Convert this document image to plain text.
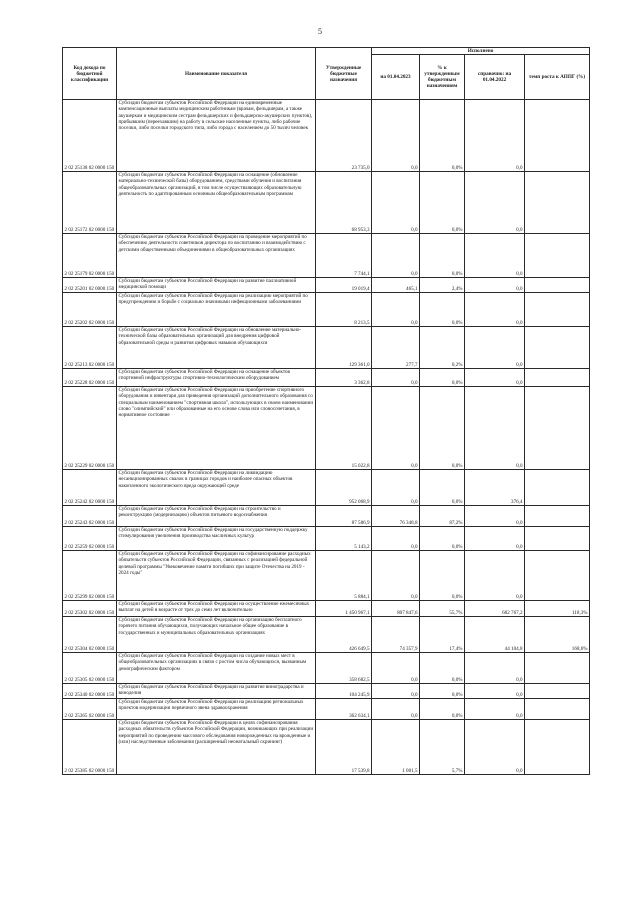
5
Код дохода по бюджетной классификации	Наименование показателя	Утвержденные бюджетные назначения	Исполнено			
			на 01.04.2023	% к утвержденным бюджетным назначениям	справочно: на 01.04.2022	темп роста к АППГ (%)
2 02 25138 02 0000 150	Субсидии бюджетам субъектов Российской Федерации на единовременные компенсационные выплаты медицинским работникам (врачам, фельдшерам, а также акушеркам и медицинским сестрам фельдшерских и фельдшерско-акушерских пунктов), прибывшим (переехавшим) на работу в сельские населенные пункты, либо рабочие поселки, либо поселки городского типа, либо города с населением до 50 тысяч человек	23 735,0	0,0	0,0%	0,0	
2 02 25172 02 0000 150	Субсидии бюджетам субъектов Российской Федерации на оснащение (обновление материально-технической базы) оборудованием, средствами обучения и воспитания общеобразовательных организаций, в том числе осуществляющих образовательную деятельность по адаптированным основным общеобразовательным программам	68 953,3	0,0	0,0%	0,0	
2 02 25179 02 0000 150	Субсидии бюджетам субъектов Российской Федерации на проведение мероприятий по обеспечению деятельности советников директора по воспитанию и взаимодействию с детскими общественными объединениями в общеобразовательных организациях	7 744,1	0,0	0,0%	0,0	
2 02 25201 02 0000 150	Субсидии бюджетам субъектов Российской Федерации на развитие паллиативной медицинской помощи	19 019,4	465,1	2,4%	0,0	
2 02 25202 02 0000 150	Субсидии бюджетам субъектов Российской Федерации на реализацию мероприятий по предупреждению и борьбе с социально значимыми инфекционными заболеваниями	8 213,5	0,0	0,0%	0,0	
2 02 25213 02 0000 150	Субсидии бюджетам субъектов Российской Федерации на обновление материально-технической базы образовательных организаций для внедрения цифровой образовательной среды и развития цифровых навыков обучающихся	129 361,0	277,7	0,2%	0,0	
2 02 25228 02 0000 150	Субсидии бюджетам субъектов Российской Федерации на оснащение объектов спортивной инфраструктуры спортивно-технологическим оборудованием	3 362,8	0,0	0,0%	0,0	
2 02 25229 02 0000 150	Субсидии бюджетам субъектов Российской Федерации на приобретение спортивного оборудования и инвентаря для приведения организаций дополнительного образования со специальным наименованием "спортивная школа", использующих в своем наименовании слово "олимпийский" или образованные на его основе слова или словосочетания, в нормативное состояние	15 022,8	0,0	0,0%	0,0	
2 02 25242 02 0000 150	Субсидии бюджетам субъектов Российской Федерации на ликвидацию несанкционированных свалок в границах городов и наиболее опасных объектов накопленного экологического вреда окружающей среде	952 068,9	0,0	0,0%	376,4	
2 02 25243 02 0000 150	Субсидии бюджетам субъектов Российской Федерации на строительство и реконструкцию (модернизацию) объектов питьевого водоснабжения	87 586,9	76 348,8	87,2%	0,0	
2 02 25259 02 0000 150	Субсидии бюджетам субъектов Российской Федерации на государственную поддержку стимулирования увеличения производства масличных культур	5 143,2	0,0	0,0%	0,0	
2 02 25299 02 0000 150	Субсидии бюджетам субъектов Российской Федерации на софинансирование расходных обязательств субъектов Российской Федерации, связанных с реализацией федеральной целевой программы "Увековечение памяти погибших при защите Отечества на 2019 - 2024 годы"	5 884,1	0,0	0,0%	0,0	
2 02 25302 02 0000 150	Субсидии бюджетам субъектов Российской Федерации на осуществление ежемесячных выплат на детей в возрасте от трех до семи лет включительно	1 450 967,1	807 847,6	55,7%	682 767,2	118,3%
2 02 25304 02 0000 150	Субсидии бюджетам субъектов Российской Федерации на организацию бесплатного горячего питания обучающихся, получающих начальное общее образование в государственных и муниципальных образовательных организациях	426 649,5	74 357,9	17,4%	44 104,8	168,6%
2 02 25305 02 0000 150	Субсидии бюджетам субъектов Российской Федерации на создание новых мест в общеобразовательных организациях в связи с ростом числа обучающихся, вызванным демографическим фактором	358 682,5	0,0	0,0%	0,0	
2 02 25340 02 0000 150	Субсидии бюджетам субъектов Российской Федерации на развитие виноградарства и виноделия	104 245,9	0,0	0,0%	0,0	
2 02 25365 02 0000 150	Субсидии бюджетам субъектов Российской Федерации на реализацию региональных проектов модернизации первичного звена здравоохранения	362 634,1	0,0	0,0%	0,0	
2 02 25385 02 0000 150	Субсидии бюджетам субъектов Российской Федерации в целях софинансирования расходных обязательств субъектов Российской Федерации, возникающих при реализации мероприятий по проведению массового обследования новорожденных на врожденные и (или) наследственные заболевания (расширенный неонатальный скрининг)	17 539,8	1 001,5	5,7%	0,0	
